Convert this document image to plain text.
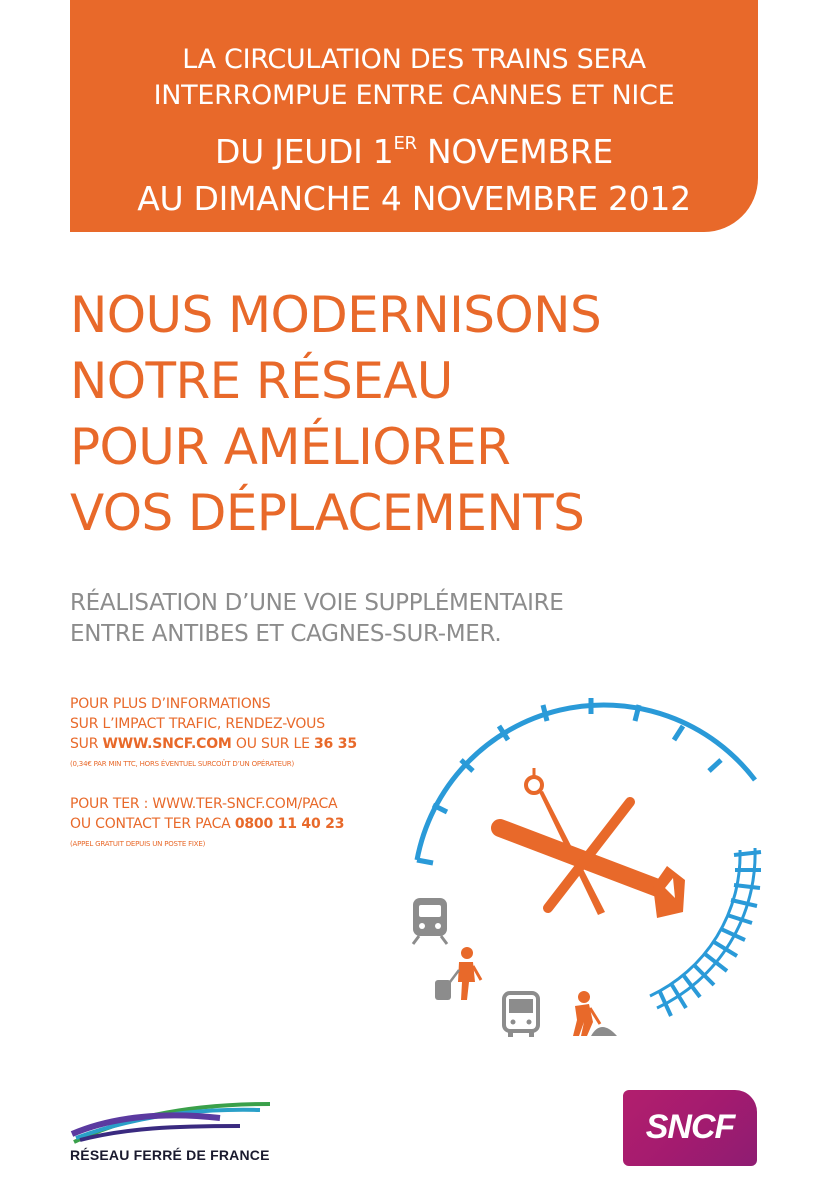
LA CIRCULATION DES TRAINS SERA
INTERROMPUE ENTRE CANNES ET NICE
DU JEUDI 1ER NOVEMBRE
AU DIMANCHE 4 NOVEMBRE 2012
NOUS MODERNISONS
NOTRE RÉSEAU
POUR AMÉLIORER
VOS DÉPLACEMENTS
RÉALISATION D’UNE VOIE SUPPLÉMENTAIRE
ENTRE ANTIBES ET CAGNES-SUR-MER.
POUR PLUS D’INFORMATIONS
SUR L’IMPACT TRAFIC, RENDEZ-VOUS
SUR WWW.SNCF.COM OU SUR LE 36 35
(0,34€ PAR MIN TTC, HORS ÉVENTUEL SURCOÛT D’UN OPÉRATEUR)
POUR TER : WWW.TER-SNCF.COM/PACA
OU CONTACT TER PACA 0800 11 40 23
(APPEL GRATUIT DEPUIS UN POSTE FIXE)
RÉSEAU FERRÉ DE FRANCE
SNCF
